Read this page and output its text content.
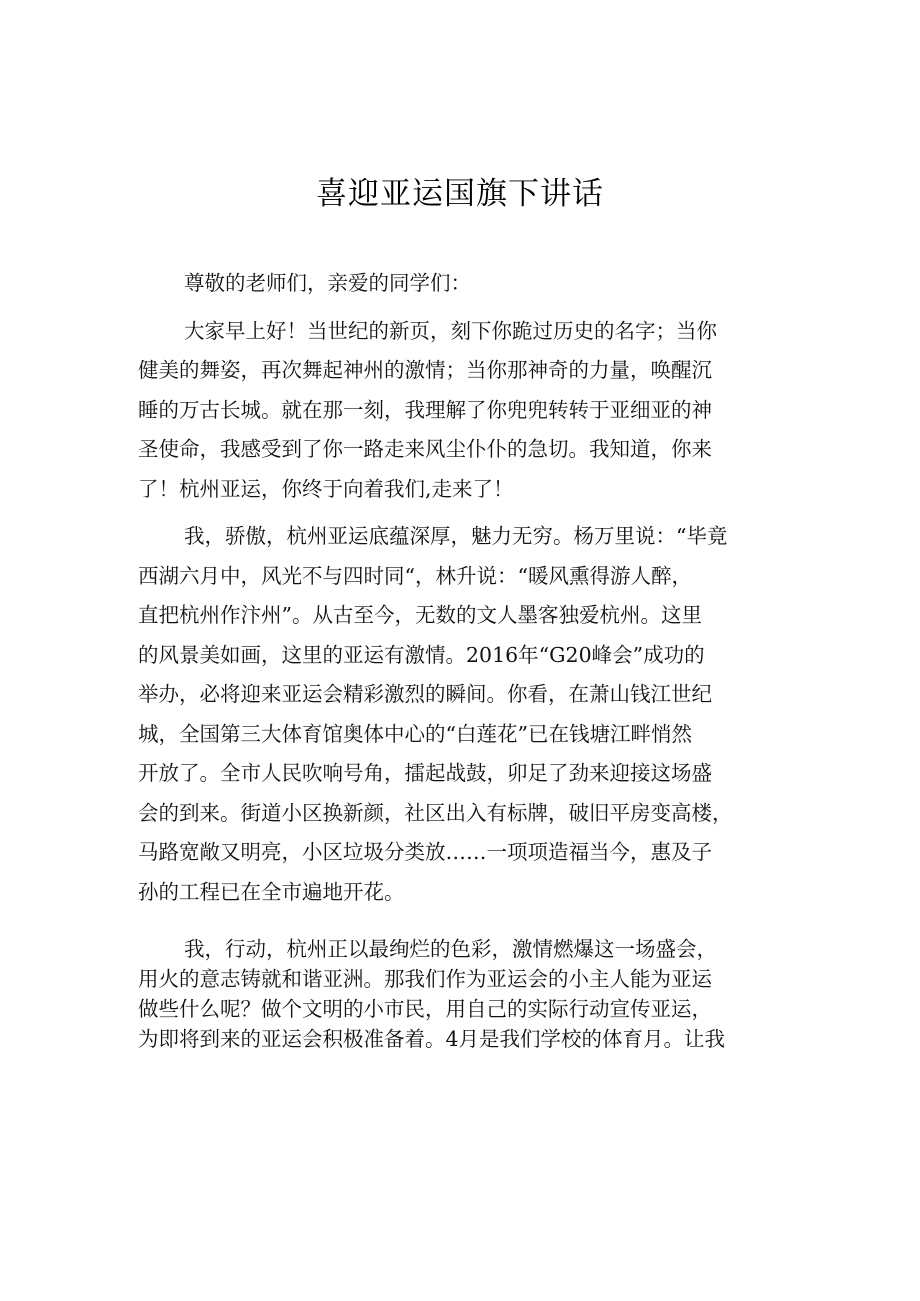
喜迎亚运国旗下讲话
尊敬的老师们，亲爱的同学们：
大家早上好！当世纪的新页，刻下你跪过历史的名字；当你
健美的舞姿，再次舞起神州的激情；当你那神奇的力量，唤醒沉
睡的万古长城。就在那一刻，我理解了你兜兜转转于亚细亚的神
圣使命，我感受到了你一路走来风尘仆仆的急切。我知道，你来
了！杭州亚运，你终于向着我们,走来了！
我，骄傲，杭州亚运底蕴深厚，魅力无穷。杨万里说：“毕竟
西湖六月中，风光不与四时同“，林升说：“暖风熏得游人醉，
直把杭州作汴州”。从古至今，无数的文人墨客独爱杭州。这里
的风景美如画，这里的亚运有激情。2016年“G20峰会”成功的
举办，必将迎来亚运会精彩激烈的瞬间。你看，在萧山钱江世纪
城，全国第三大体育馆奥体中心的“白莲花”已在钱塘江畔悄然
开放了。全市人民吹响号角，擂起战鼓，卯足了劲来迎接这场盛
会的到来。街道小区换新颜，社区出入有标牌，破旧平房变高楼，
马路宽敞又明亮，小区垃圾分类放……一项项造福当今，惠及子
孙的工程已在全市遍地开花。
我，行动，杭州正以最绚烂的色彩，激情燃爆这一场盛会，
用火的意志铸就和谐亚洲。那我们作为亚运会的小主人能为亚运
做些什么呢？做个文明的小市民，用自己的实际行动宣传亚运，
为即将到来的亚运会积极准备着。4月是我们学校的体育月。让我
